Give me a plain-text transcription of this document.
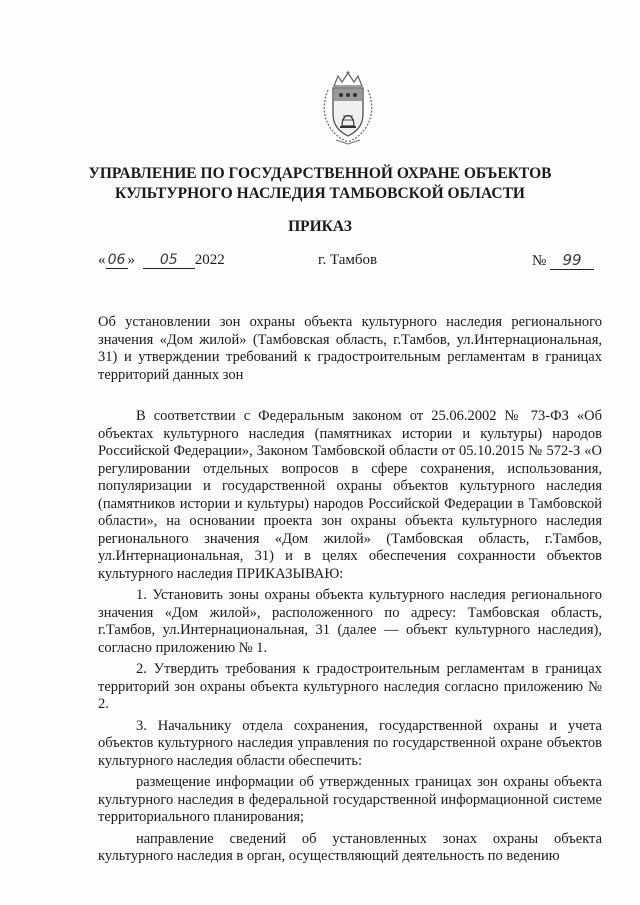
УПРАВЛЕНИЕ ПО ГОСУДАРСТВЕННОЙ ОХРАНЕ ОБЪЕКТОВ
КУЛЬТУРНОГО НАСЛЕДИЯ ТАМБОВСКОЙ ОБЛАСТИ
ПРИКАЗ
« 06 » 05 2022	г. Тамбов	№ 99
Об установлении зон охраны объекта культурного наследия регионального значения «Дом жилой» (Тамбовская область, г.Тамбов, ул.Интернациональная, 31) и утверждении требований к градостроительным регламентам в границах территорий данных зон

В соответствии с Федеральным законом от 25.06.2002 № 73-ФЗ «Об объектах культурного наследия (памятниках истории и культуры) народов Российской Федерации», Законом Тамбовской области от 05.10.2015 № 572-З «О регулировании отдельных вопросов в сфере сохранения, использования, популяризации и государственной охраны объектов культурного наследия (памятников истории и культуры) народов Российской Федерации в Тамбовской области», на основании проекта зон охраны объекта культурного наследия регионального значения «Дом жилой» (Тамбовская область, г.Тамбов, ул.Интернациональная, 31) и в целях обеспечения сохранности объектов культурного наследия ПРИКАЗЫВАЮ:

1. Установить зоны охраны объекта культурного наследия регионального значения «Дом жилой», расположенного по адресу: Тамбовская область, г.Тамбов, ул.Интернациональная, 31 (далее — объект культурного наследия), согласно приложению № 1.

2. Утвердить требования к градостроительным регламентам в границах территорий зон охраны объекта культурного наследия согласно приложению № 2.

3. Начальнику отдела сохранения, государственной охраны и учета объектов культурного наследия управления по государственной охране объектов культурного наследия области обеспечить:

размещение информации об утвержденных границах зон охраны объекта культурного наследия в федеральной государственной информационной системе территориального планирования;

направление сведений об установленных зонах охраны объекта культурного наследия в орган, осуществляющий деятельность по ведению
